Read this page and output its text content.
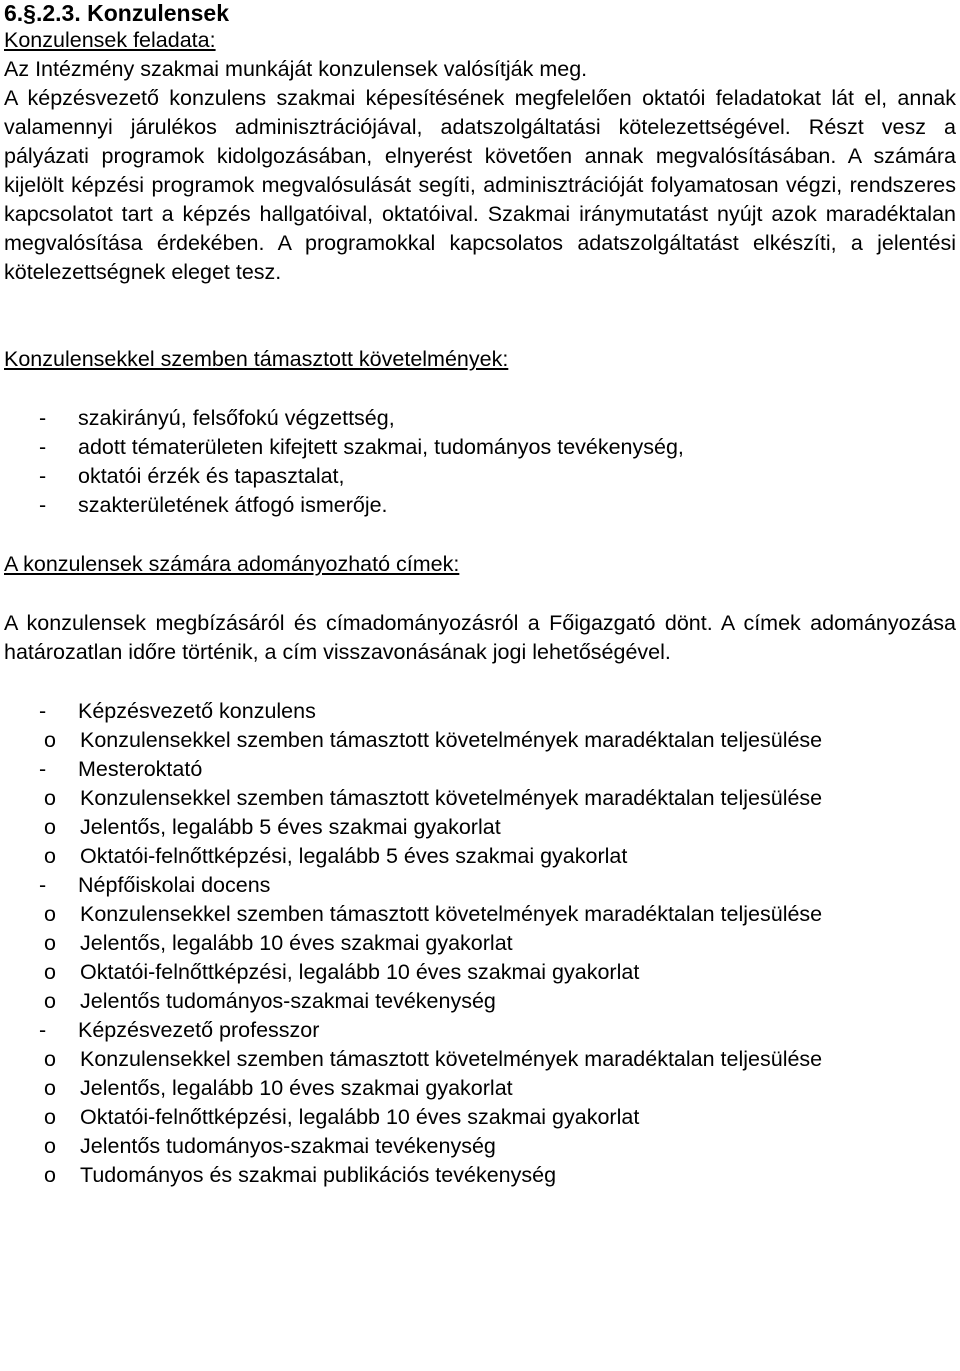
6.§.2.3. Konzulensek

Konzulensek feladata:

Az Intézmény szakmai munkáját konzulensek valósítják meg.

A képzésvezető konzulens szakmai képesítésének megfelelően oktatói feladatokat lát el, annak valamennyi járulékos adminisztrációjával, adatszolgáltatási kötelezettségével. Részt vesz a pályázati programok kidolgozásában, elnyerést követően annak megvalósításában. A számára kijelölt képzési programok megvalósulását segíti, adminisztrációját folyamatosan végzi, rendszeres kapcsolatot tart a képzés hallgatóival, oktatóival. Szakmai iránymutatást nyújt azok maradéktalan megvalósítása érdekében. A programokkal kapcsolatos adatszolgáltatást elkészíti, a jelentési kötelezettségnek eleget tesz.

Konzulensekkel szemben támasztott követelmények:

- szakirányú, felsőfokú végzettség,
- adott tématerületen kifejtett szakmai, tudományos tevékenység,
- oktatói érzék és tapasztalat,
- szakterületének átfogó ismerője.

A konzulensek számára adományozható címek:

A konzulensek megbízásáról és címadományozásról a Főigazgató dönt. A címek adományozása határozatlan időre történik, a cím visszavonásának jogi lehetőségével.

- Képzésvezető konzulens
o Konzulensekkel szemben támasztott követelmények maradéktalan teljesülése
- Mesteroktató
o Konzulensekkel szemben támasztott követelmények maradéktalan teljesülése
o Jelentős, legalább 5 éves szakmai gyakorlat
o Oktatói-felnőttképzési, legalább 5 éves szakmai gyakorlat
- Népfőiskolai docens
o Konzulensekkel szemben támasztott követelmények maradéktalan teljesülése
o Jelentős, legalább 10 éves szakmai gyakorlat
o Oktatói-felnőttképzési, legalább 10 éves szakmai gyakorlat
o Jelentős tudományos-szakmai tevékenység
- Képzésvezető professzor
o Konzulensekkel szemben támasztott követelmények maradéktalan teljesülése
o Jelentős, legalább 10 éves szakmai gyakorlat
o Oktatói-felnőttképzési, legalább 10 éves szakmai gyakorlat
o Jelentős tudományos-szakmai tevékenység
o Tudományos és szakmai publikációs tevékenység
